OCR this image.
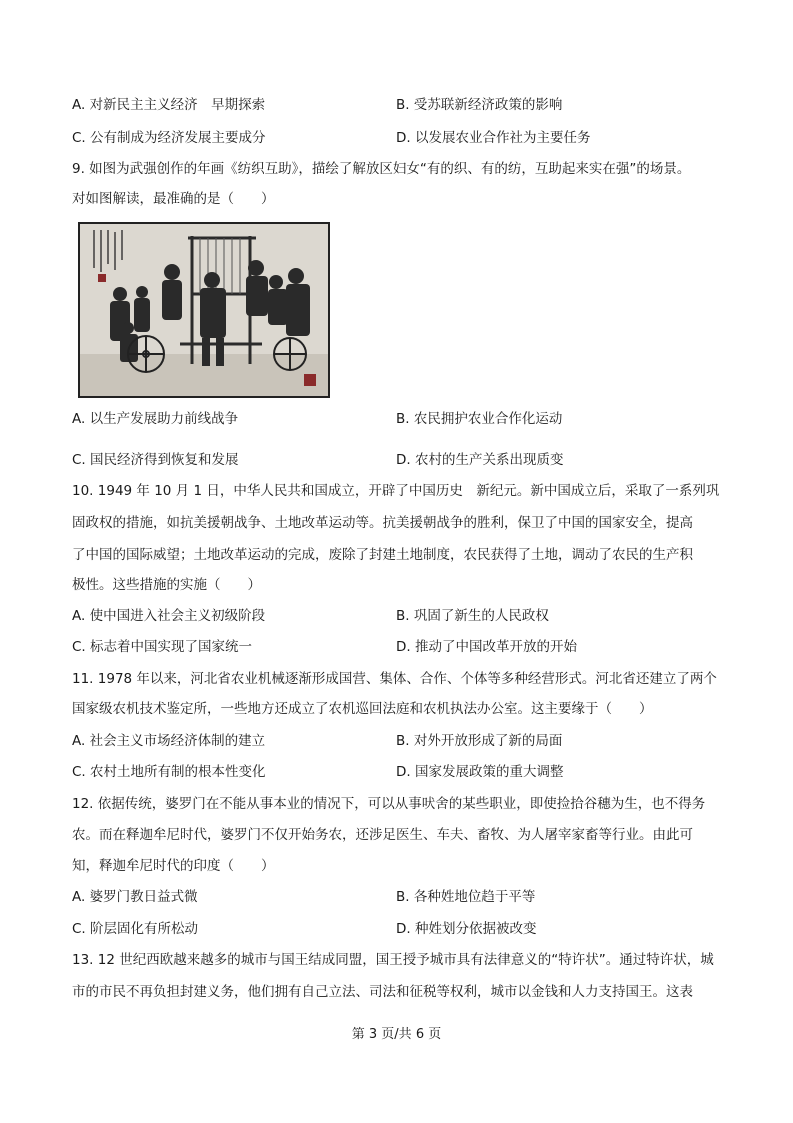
A. 对新民主主义经济　早期探索	B. 受苏联新经济政策的影响
C. 公有制成为经济发展主要成分	D. 以发展农业合作社为主要任务
9. 如图为武强创作的年画《纺织互助》，描绘了解放区妇女“有的织、有的纺，互助起来实在强”的场景。
对如图解读，最准确的是（　　）
A. 以生产发展助力前线战争	B. 农民拥护农业合作化运动
C. 国民经济得到恢复和发展	D. 农村的生产关系出现质变
10. 1949 年 10 月 1 日，中华人民共和国成立，开辟了中国历史　新纪元。新中国成立后，采取了一系列巩
固政权的措施，如抗美援朝战争、土地改革运动等。抗美援朝战争的胜利，保卫了中国的国家安全，提高
了中国的国际威望；土地改革运动的完成，废除了封建土地制度，农民获得了土地，调动了农民的生产积
极性。这些措施的实施（　　）
A. 使中国进入社会主义初级阶段	B. 巩固了新生的人民政权
C. 标志着中国实现了国家统一	D. 推动了中国改革开放的开始
11. 1978 年以来，河北省农业机械逐渐形成国营、集体、合作、个体等多种经营形式。河北省还建立了两个
国家级农机技术鉴定所，一些地方还成立了农机巡回法庭和农机执法办公室。这主要缘于（　　）
A. 社会主义市场经济体制的建立	B. 对外开放形成了新的局面
C. 农村土地所有制的根本性变化	D. 国家发展政策的重大调整
12. 依据传统，婆罗门在不能从事本业的情况下，可以从事吠舍的某些职业，即使捡拾谷穗为生，也不得务
农。而在释迦牟尼时代，婆罗门不仅开始务农，还涉足医生、车夫、畜牧、为人屠宰家畜等行业。由此可
知，释迦牟尼时代的印度（　　）
A. 婆罗门教日益式微	B. 各种姓地位趋于平等
C. 阶层固化有所松动	D. 种姓划分依据被改变
13. 12 世纪西欧越来越多的城市与国王结成同盟，国王授予城市具有法律意义的“特许状”。通过特许状，城
市的市民不再负担封建义务，他们拥有自己立法、司法和征税等权利，城市以金钱和人力支持国王。这表
第 3 页/共 6 页
